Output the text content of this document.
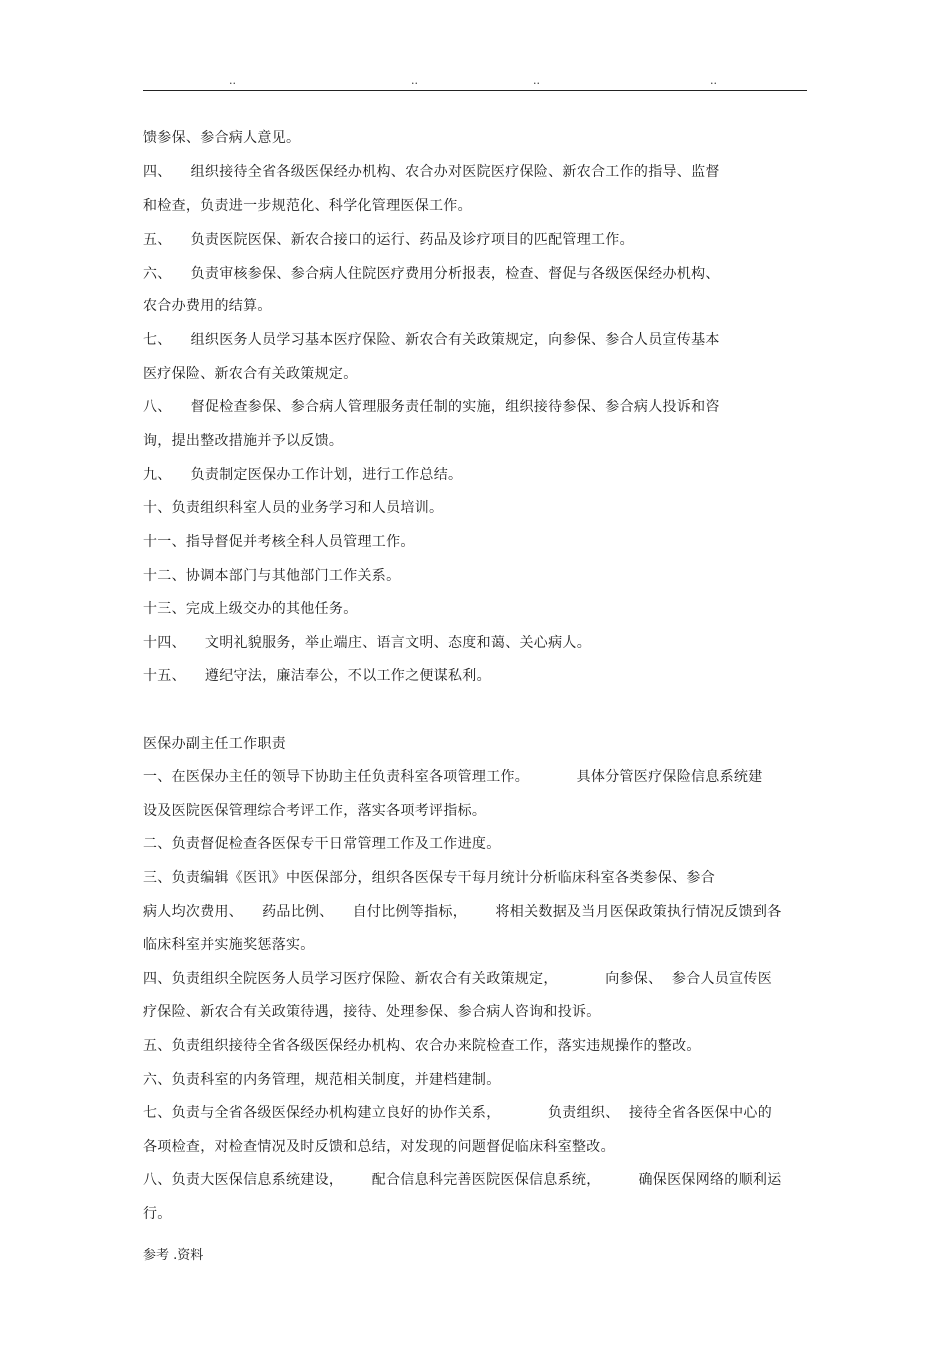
..	..	..	..
馈参保、参合病人意见。
四、    组织接待全省各级医保经办机构、农合办对医院医疗保险、新农合工作的指导、监督
和检查，负责进一步规范化、科学化管理医保工作。
五、    负责医院医保、新农合接口的运行、药品及诊疗项目的匹配管理工作。
六、    负责审核参保、参合病人住院医疗费用分析报表，检查、督促与各级医保经办机构、
农合办费用的结算。
七、    组织医务人员学习基本医疗保险、新农合有关政策规定，向参保、参合人员宣传基本
医疗保险、新农合有关政策规定。
八、    督促检查参保、参合病人管理服务责任制的实施，组织接待参保、参合病人投诉和咨
询，提出整改措施并予以反馈。
九、    负责制定医保办工作计划，进行工作总结。
十、负责组织科室人员的业务学习和人员培训。
十一、指导督促并考核全科人员管理工作。
十二、协调本部门与其他部门工作关系。
十三、完成上级交办的其他任务。
十四、    文明礼貌服务，举止端庄、语言文明、态度和蔼、关心病人。
十五、    遵纪守法，廉洁奉公，不以工作之便谋私利。
医保办副主任工作职责
一、在医保办主任的领导下协助主任负责科室各项管理工作。          具体分管医疗保险信息系统建
设及医院医保管理综合考评工作，落实各项考评指标。
二、负责督促检查各医保专干日常管理工作及工作进度。
三、负责编辑《医讯》中医保部分，组织各医保专干每月统计分析临床科室各类参保、参合
病人均次费用、    药品比例、    自付比例等指标，      将相关数据及当月医保政策执行情况反馈到各
临床科室并实施奖惩落实。
四、负责组织全院医务人员学习医疗保险、新农合有关政策规定，          向参保、  参合人员宣传医
疗保险、新农合有关政策待遇，接待、处理参保、参合病人咨询和投诉。
五、负责组织接待全省各级医保经办机构、农合办来院检查工作，落实违规操作的整改。
六、负责科室的内务管理，规范相关制度，并建档建制。
七、负责与全省各级医保经办机构建立良好的协作关系，          负责组织、  接待全省各医保中心的
各项检查，对检查情况及时反馈和总结，对发现的问题督促临床科室整改。
八、负责大医保信息系统建设，      配合信息科完善医院医保信息系统，        确保医保网络的顺利运
行。
参考 .资料
